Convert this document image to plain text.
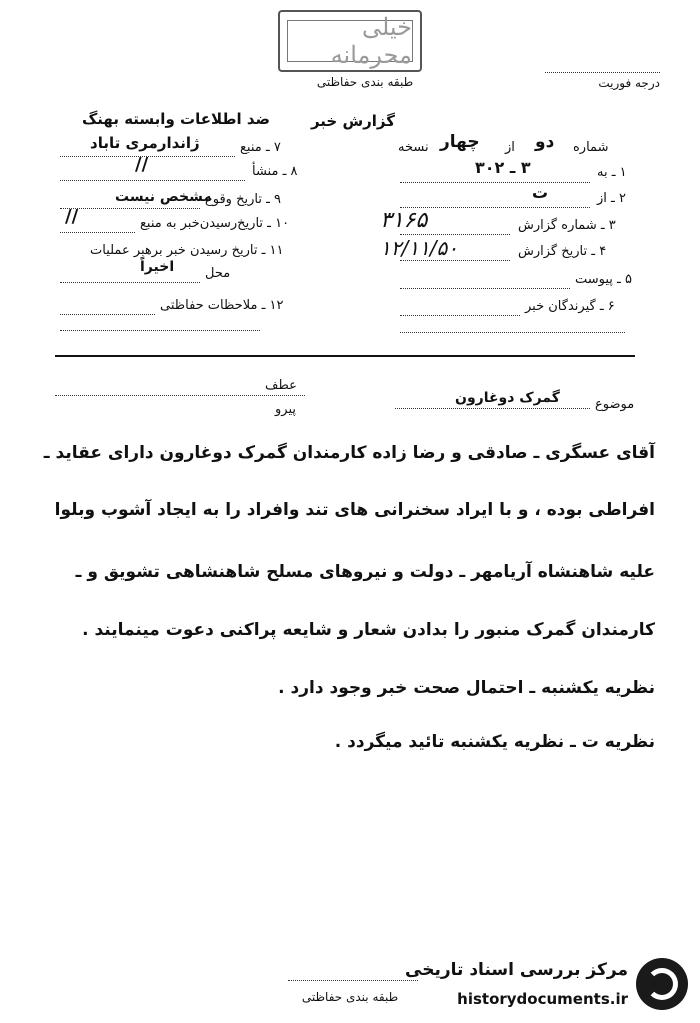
خیلی محرمانه
طبقه بندی حفاظتی	درجه فوریت
ضد اطلاعات وابسته بهنگ	گزارش خبر
۷ ـ منبع
ژاندارمری تاباد
۸ ـ منشأ
//
۹ ـ تاریخ وقوع
مشخص نیست
۱۰ ـ تاریخ‌رسیدن‌خبر به منبع
//
۱۱ ـ تاریخ رسیدن خبر برهبر عملیات
محل
اخیراً
۱۲ ـ ملاحظات حفاظتی
شماره
دو
از
چهار
نسخه
۱ ـ به
۳ ـ ۳۰۲
۲ ـ از
ت
۳ ـ شماره گزارش
۳۱۶۵
۴ ـ تاریخ گزارش
۱۲/۱۱/۵۰
۵ ـ پیوست
۶ ـ گیرندگان خبر
عطف
پیرو	موضوع
گمرک دوغارون
آقای عسگری ـ صادقی و رضا زاده کارمندان گمرک دوغارون دارای عقاید ـ
افراطی بوده ، و با ایراد سخنرانی های تند وافراد را به ایجاد آشوب وبلوا
علیه شاهنشاه آریامهر ـ دولت و نیروهای مسلح شاهنشاهی تشویق و ـ
کارمندان گمرک منبور را بدادن شعار و شایعه پراکنی دعوت مینمایند .
نظریه یکشنبه ـ احتمال صحت خبر وجود دارد .
نظریه ت ـ نظریه یکشنبه تائید میگردد .
طبقه بندی حفاظتی
مرکز بررسی اسناد تاریخی
historydocuments.ir
